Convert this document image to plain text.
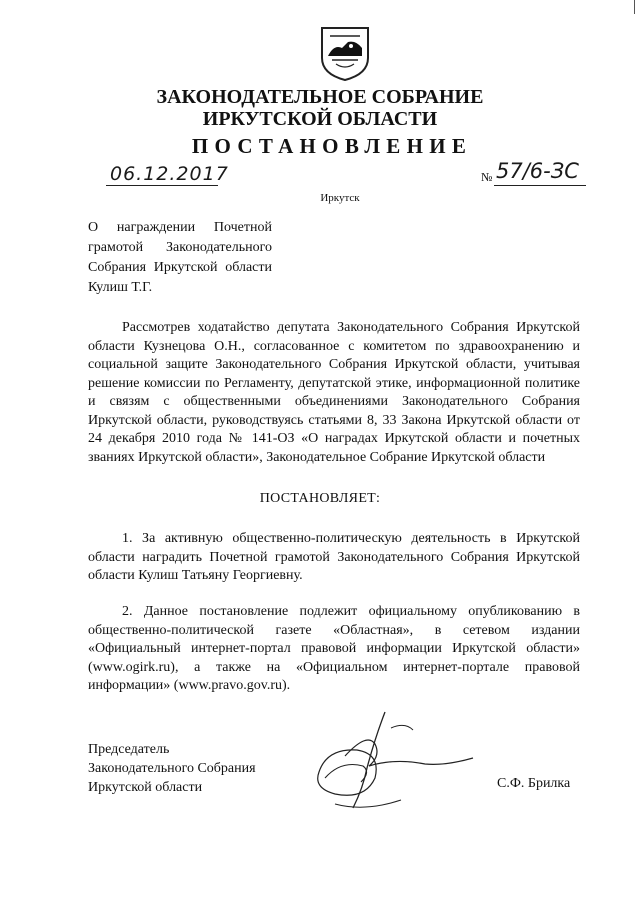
ЗАКОНОДАТЕЛЬНОЕ СОБРАНИЕ
ИРКУТСКОЙ ОБЛАСТИ
ПОСТАНОВЛЕНИЕ
06.12.2017	№ 57/6-ЗС
Иркутск
О награждении Почетной грамотой Законодательного Собрания Иркутской области Кулиш Т.Г.
Рассмотрев ходатайство депутата Законодательного Собрания Иркутской области Кузнецова О.Н., согласованное с комитетом по здравоохранению и социальной защите Законодательного Собрания Иркутской области, учитывая решение комиссии по Регламенту, депутатской этике, информационной политике и связям с общественными объединениями Законодательного Собрания Иркутской области, руководствуясь статьями 8, 33 Закона Иркутской области от 24 декабря 2010 года № 141-ОЗ «О наградах Иркутской области и почетных званиях Иркутской области», Законодательное Собрание Иркутской области
ПОСТАНОВЛЯЕТ:
1. За активную общественно-политическую деятельность в Иркутской области наградить Почетной грамотой Законодательного Собрания Иркутской области Кулиш Татьяну Георгиевну.
2. Данное постановление подлежит официальному опубликованию в общественно-политической газете «Областная», в сетевом издании «Официальный интернет-портал правовой информации Иркутской области» (www.ogirk.ru), а также на «Официальном интернет-портале правовой информации» (www.pravo.gov.ru).
Председатель
Законодательного Собрания
Иркутской области	С.Ф. Брилка
